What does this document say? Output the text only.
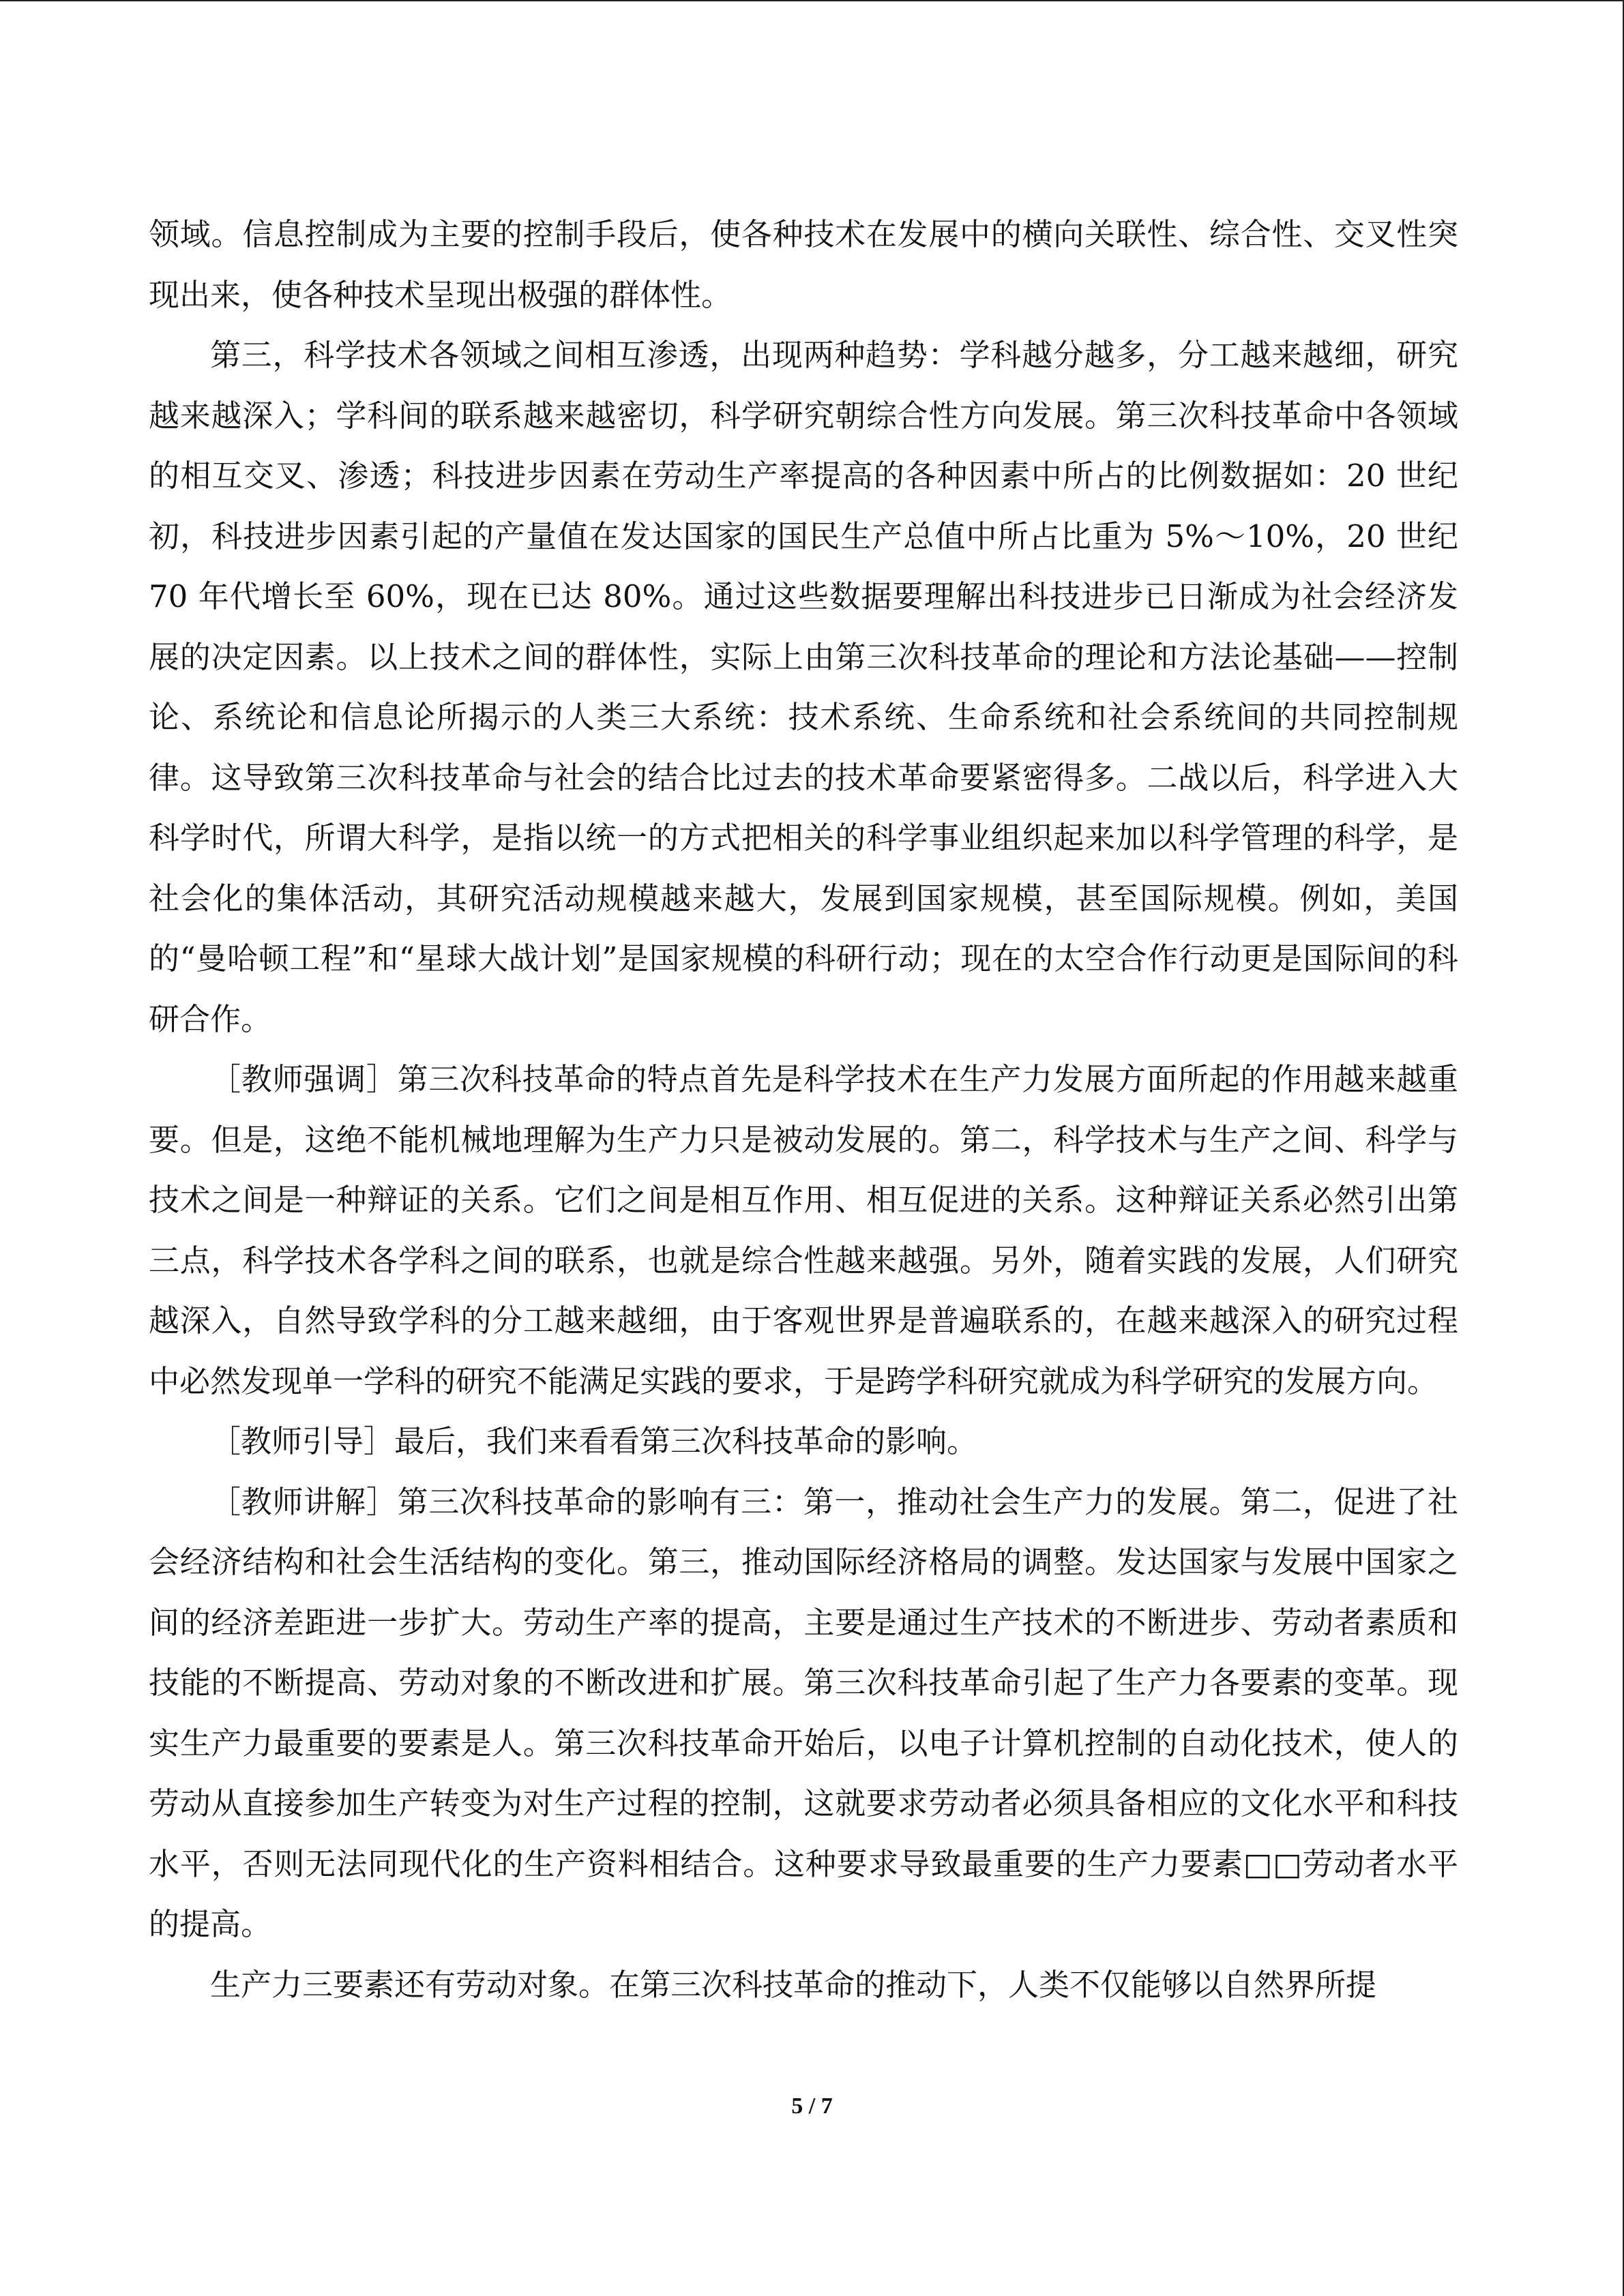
领域。信息控制成为主要的控制手段后，使各种技术在发展中的横向关联性、综合性、交叉性突现出来，使各种技术呈现出极强的群体性。

第三，科学技术各领域之间相互渗透，出现两种趋势：学科越分越多，分工越来越细，研究越来越深入；学科间的联系越来越密切，科学研究朝综合性方向发展。第三次科技革命中各领域的相互交叉、渗透；科技进步因素在劳动生产率提高的各种因素中所占的比例数据如：20 世纪初，科技进步因素引起的产量值在发达国家的国民生产总值中所占比重为 5%～10%，20 世纪 70 年代增长至 60%，现在已达 80%。通过这些数据要理解出科技进步已日渐成为社会经济发展的决定因素。以上技术之间的群体性，实际上由第三次科技革命的理论和方法论基础——控制论、系统论和信息论所揭示的人类三大系统：技术系统、生命系统和社会系统间的共同控制规律。这导致第三次科技革命与社会的结合比过去的技术革命要紧密得多。二战以后，科学进入大科学时代，所谓大科学，是指以统一的方式把相关的科学事业组织起来加以科学管理的科学，是社会化的集体活动，其研究活动规模越来越大，发展到国家规模，甚至国际规模。例如，美国的“曼哈顿工程”和“星球大战计划”是国家规模的科研行动；现在的太空合作行动更是国际间的科研合作。

［教师强调］第三次科技革命的特点首先是科学技术在生产力发展方面所起的作用越来越重要。但是，这绝不能机械地理解为生产力只是被动发展的。第二，科学技术与生产之间、科学与技术之间是一种辩证的关系。它们之间是相互作用、相互促进的关系。这种辩证关系必然引出第三点，科学技术各学科之间的联系，也就是综合性越来越强。另外，随着实践的发展，人们研究越深入，自然导致学科的分工越来越细，由于客观世界是普遍联系的，在越来越深入的研究过程中必然发现单一学科的研究不能满足实践的要求，于是跨学科研究就成为科学研究的发展方向。

［教师引导］最后，我们来看看第三次科技革命的影响。

［教师讲解］第三次科技革命的影响有三：第一，推动社会生产力的发展。第二，促进了社会经济结构和社会生活结构的变化。第三，推动国际经济格局的调整。发达国家与发展中国家之间的经济差距进一步扩大。劳动生产率的提高，主要是通过生产技术的不断进步、劳动者素质和技能的不断提高、劳动对象的不断改进和扩展。第三次科技革命引起了生产力各要素的变革。现实生产力最重要的要素是人。第三次科技革命开始后，以电子计算机控制的自动化技术，使人的劳动从直接参加生产转变为对生产过程的控制，这就要求劳动者必须具备相应的文化水平和科技水平，否则无法同现代化的生产资料相结合。这种要求导致最重要的生产力要素□□劳动者水平的提高。

生产力三要素还有劳动对象。在第三次科技革命的推动下，人类不仅能够以自然界所提

5 / 7
